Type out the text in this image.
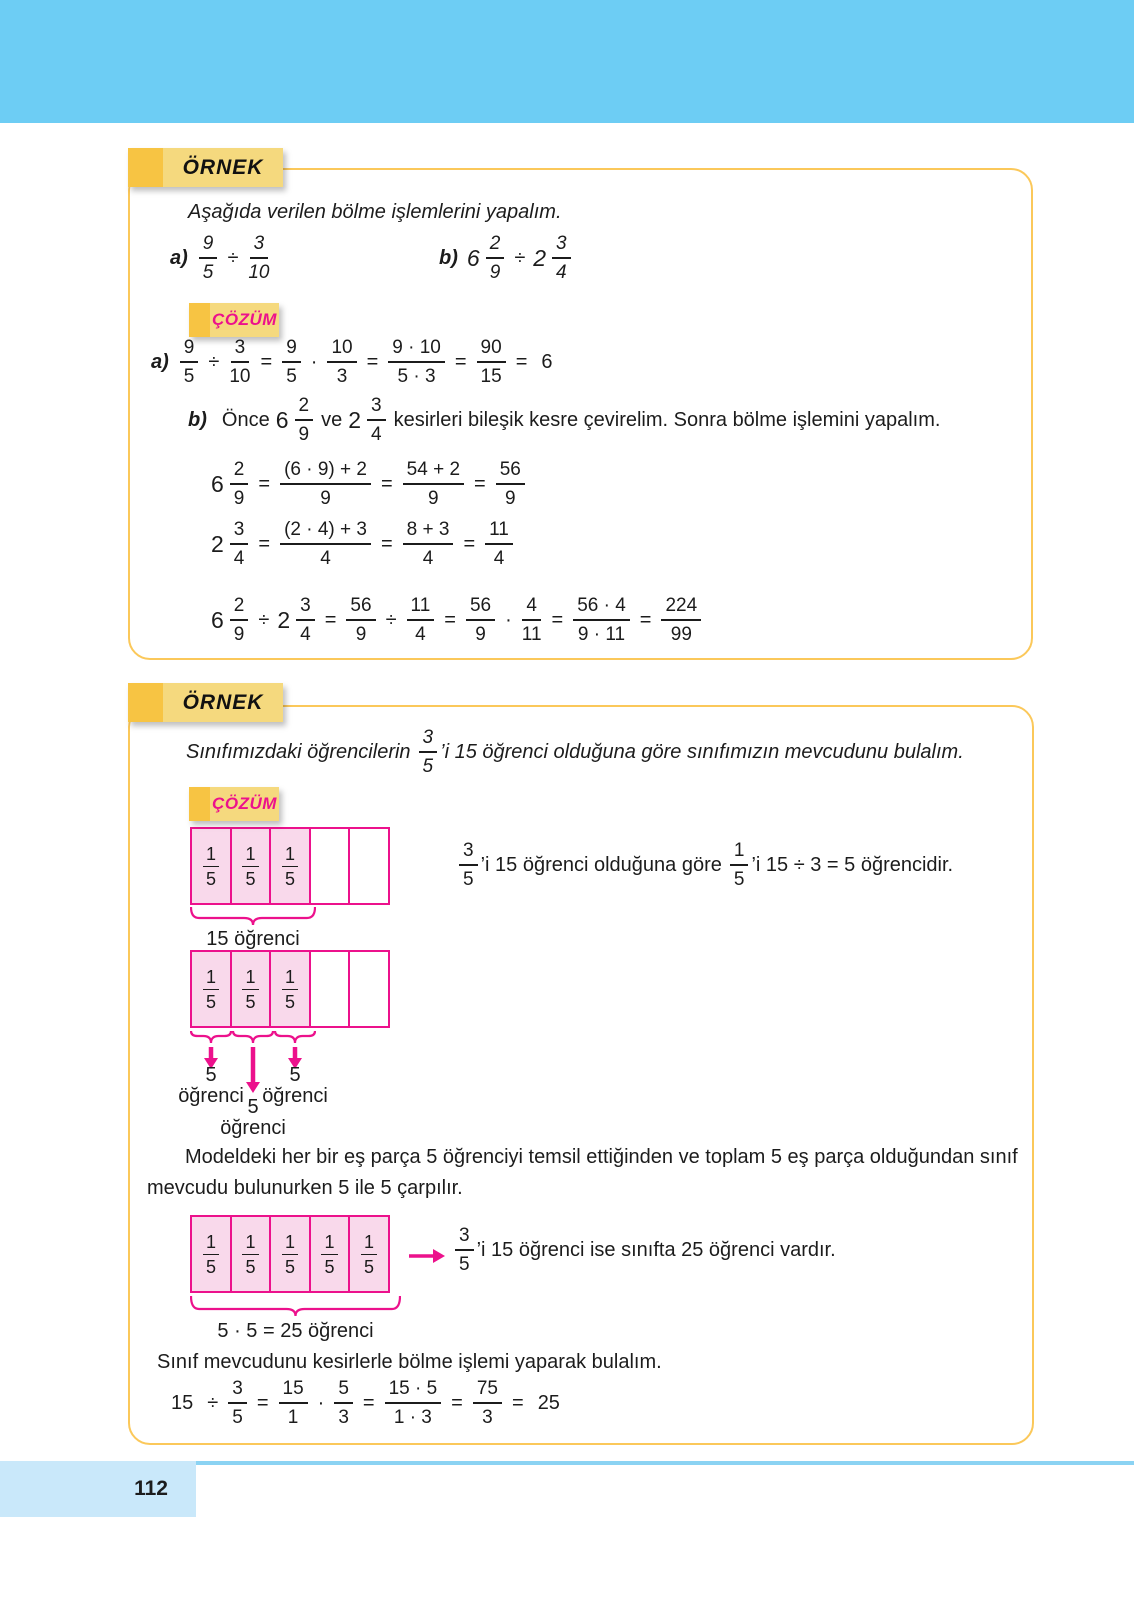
ÖRNEK
Aşağıda verilen bölme işlemlerini yapalım.
$a) \frac{9}{5} \div \frac{3}{10}$	b) $6 \frac{2}{9} \div 2 \frac{3}{4}$
ÇÖZÜM
$a) \frac{9}{5} \div \frac{3}{10} = \frac{9}{5} \cdot \frac{10}{3} = \frac{9 \cdot 10}{5 \cdot 3} = \frac{90}{15} = 6$
b) Önce $6 \frac{2}{9}$ ve $2 \frac{3}{4}$ kesirleri bileşik kesre çevirelim. Sonra bölme işlemini yapalım.
$6 \frac{2}{9} = \frac{(6 \cdot 9) + 2}{9} = \frac{54 + 2}{9} = \frac{56}{9}$
$2 \frac{3}{4} = \frac{(2 \cdot 4) + 3}{4} = \frac{8 + 3}{4} = \frac{11}{4}$
$6 \frac{2}{9} \div 2 \frac{3}{4} = \frac{56}{9} \div \frac{11}{4} = \frac{56}{9} \cdot \frac{4}{11} = \frac{56 \cdot 4}{9 \cdot 11} = \frac{224}{99}$
ÖRNEK
Sınıfımızdaki öğrencilerin $\frac{3}{5}$ ’i 15 öğrenci olduğuna göre sınıfımızın mevcudunu bulalım.
ÇÖZÜM
$\frac{1}{5} \frac{1}{5} \frac{1}{5}$
15 öğrenci
$\frac{3}{5}$ ’i 15 öğrenci olduğuna göre $\frac{1}{5}$ ’i 15 ÷ 3 = 5 öğrencidir.
$\frac{1}{5} \frac{1}{5} \frac{1}{5}$
5
öğrenci 5
öğrenci
5
öğrenci
Modeldeki her bir eş parça 5 öğrenciyi temsil ettiğinden ve toplam 5 eş parça olduğundan sınıf mevcudu bulunurken 5 ile 5 çarpılır.
$\frac{1}{5} \frac{1}{5} \frac{1}{5} \frac{1}{5} \frac{1}{5}$
5 · 5 = 25 öğrenci
$\frac{3}{5}$ ’i 15 öğrenci ise sınıfta 25 öğrenci vardır.
Sınıf mevcudunu kesirlerle bölme işlemi yaparak bulalım.
$15 \div \frac{3}{5} = \frac{15}{1} \cdot \frac{5}{3} = \frac{15 \cdot 5}{1 \cdot 3} = \frac{75}{3} = 25$
112
